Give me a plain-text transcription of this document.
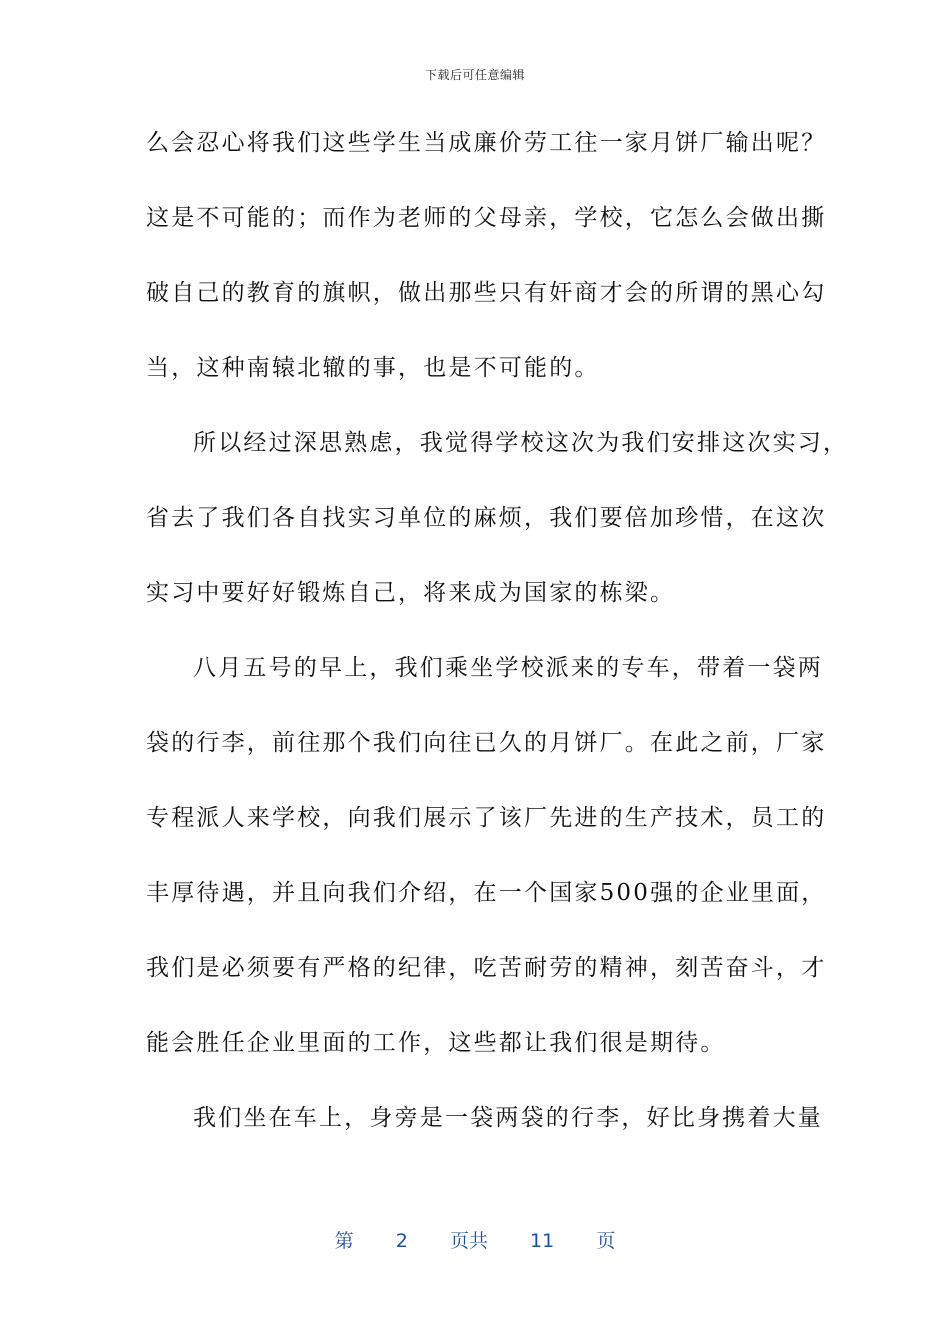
下载后可任意编辑
么会忍心将我们这些学生当成廉价劳工往一家月饼厂输出呢？
这是不可能的；而作为老师的父母亲，学校，它怎么会做出撕
破自己的教育的旗帜，做出那些只有奸商才会的所谓的黑心勾
当，这种南辕北辙的事，也是不可能的。
所以经过深思熟虑，我觉得学校这次为我们安排这次实习，
省去了我们各自找实习单位的麻烦，我们要倍加珍惜，在这次
实习中要好好锻炼自己，将来成为国家的栋梁。
八月五号的早上，我们乘坐学校派来的专车，带着一袋两
袋的行李，前往那个我们向往已久的月饼厂。在此之前，厂家
专程派人来学校，向我们展示了该厂先进的生产技术，员工的
丰厚待遇，并且向我们介绍，在一个国家500强的企业里面，
我们是必须要有严格的纪律，吃苦耐劳的精神，刻苦奋斗，才
能会胜任企业里面的工作，这些都让我们很是期待。
我们坐在车上，身旁是一袋两袋的行李，好比身携着大量
第 2 页共 11 页
